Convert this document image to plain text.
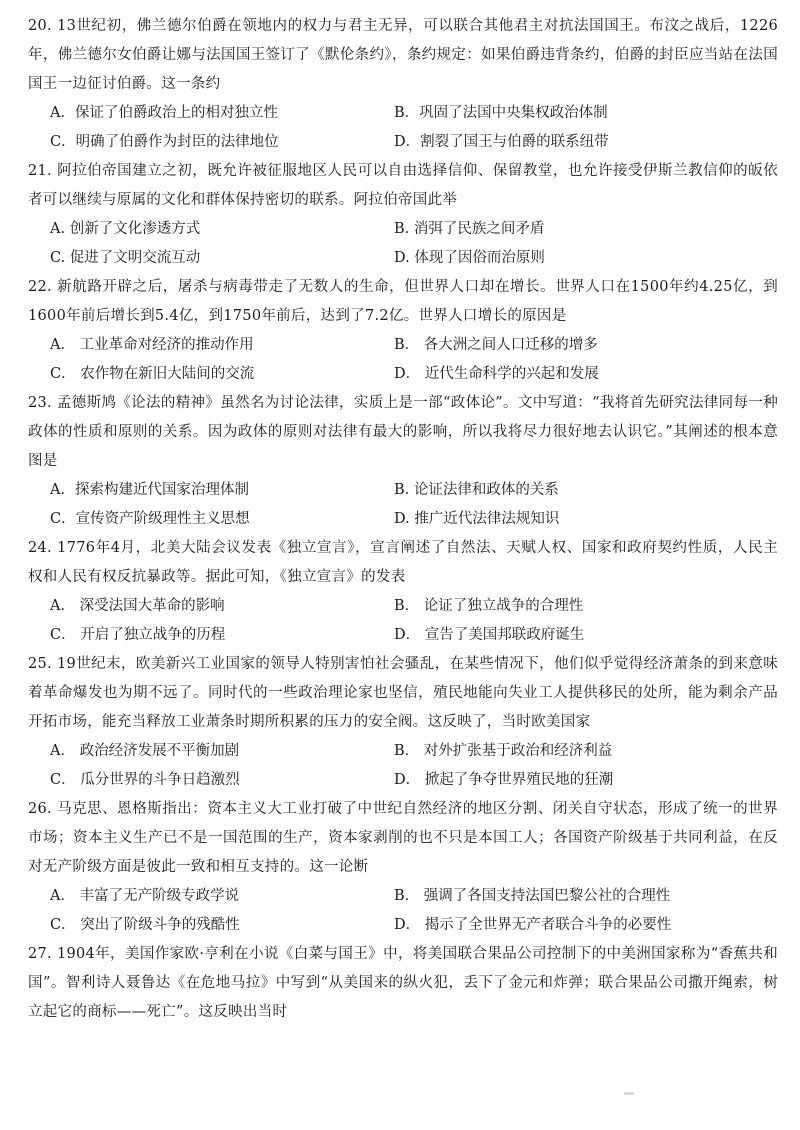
20. 13世纪初，佛兰德尔伯爵在领地内的权力与君主无异，可以联合其他君主对抗法国国王。布汶之战后，1226年，佛兰德尔女伯爵让娜与法国国王签订了《默伦条约》，条约规定：如果伯爵违背条约，伯爵的封臣应当站在法国国王一边征讨伯爵。这一条约
A．保证了伯爵政治上的相对独立性	B．巩固了法国中央集权政治体制
C．明确了伯爵作为封臣的法律地位	D．割裂了国王与伯爵的联系纽带
21. 阿拉伯帝国建立之初，既允许被征服地区人民可以自由选择信仰、保留教堂，也允许接受伊斯兰教信仰的皈依者可以继续与原属的文化和群体保持密切的联系。阿拉伯帝国此举
A. 创新了文化渗透方式	B. 消弭了民族之间矛盾
C. 促进了文明交流互动	D. 体现了因俗而治原则
22. 新航路开辟之后，屠杀与病毒带走了无数人的生命，但世界人口却在增长。世界人口在1500年约4.25亿，到1600年前后增长到5.4亿，到1750年前后，达到了7.2亿。世界人口增长的原因是
A． 工业革命对经济的推动作用	B． 各大洲之间人口迁移的增多
C． 农作物在新旧大陆间的交流	D． 近代生命科学的兴起和发展
23. 孟德斯鸠《论法的精神》虽然名为讨论法律，实质上是一部“政体论”。文中写道：“我将首先研究法律同每一种政体的性质和原则的关系。因为政体的原则对法律有最大的影响，所以我将尽力很好地去认识它。”其阐述的根本意图是
A．探索构建近代国家治理体制	B. 论证法律和政体的关系
C．宣传资产阶级理性主义思想	D. 推广近代法律法规知识
24. 1776年4月，北美大陆会议发表《独立宣言》，宣言阐述了自然法、天赋人权、国家和政府契约性质，人民主权和人民有权反抗暴政等。据此可知，《独立宣言》的发表
A． 深受法国大革命的影响	B． 论证了独立战争的合理性
C． 开启了独立战争的历程	D． 宣告了美国邦联政府诞生
25. 19世纪末，欧美新兴工业国家的领导人特别害怕社会骚乱，在某些情况下，他们似乎觉得经济萧条的到来意味着革命爆发也为期不远了。同时代的一些政治理论家也坚信，殖民地能向失业工人提供移民的处所，能为剩余产品开拓市场，能充当释放工业萧条时期所积累的压力的安全阀。这反映了，当时欧美国家
A． 政治经济发展不平衡加剧	B． 对外扩张基于政治和经济利益
C． 瓜分世界的斗争日趋激烈	D． 掀起了争夺世界殖民地的狂潮
26. 马克思、恩格斯指出：资本主义大工业打破了中世纪自然经济的地区分割、闭关自守状态，形成了统一的世界市场；资本主义生产已不是一国范围的生产，资本家剥削的也不只是本国工人；各国资产阶级基于共同利益，在反对无产阶级方面是彼此一致和相互支持的。这一论断
A． 丰富了无产阶级专政学说	B． 强调了各国支持法国巴黎公社的合理性
C． 突出了阶级斗争的残酷性	D． 揭示了全世界无产者联合斗争的必要性
27. 1904年，美国作家欧·亨利在小说《白菜与国王》中，将美国联合果品公司控制下的中美洲国家称为“香蕉共和国”。智利诗人聂鲁达《在危地马拉》中写到“从美国来的纵火犯，丢下了金元和炸弹；联合果品公司撒开绳索，树立起它的商标——死亡”。这反映出当时
